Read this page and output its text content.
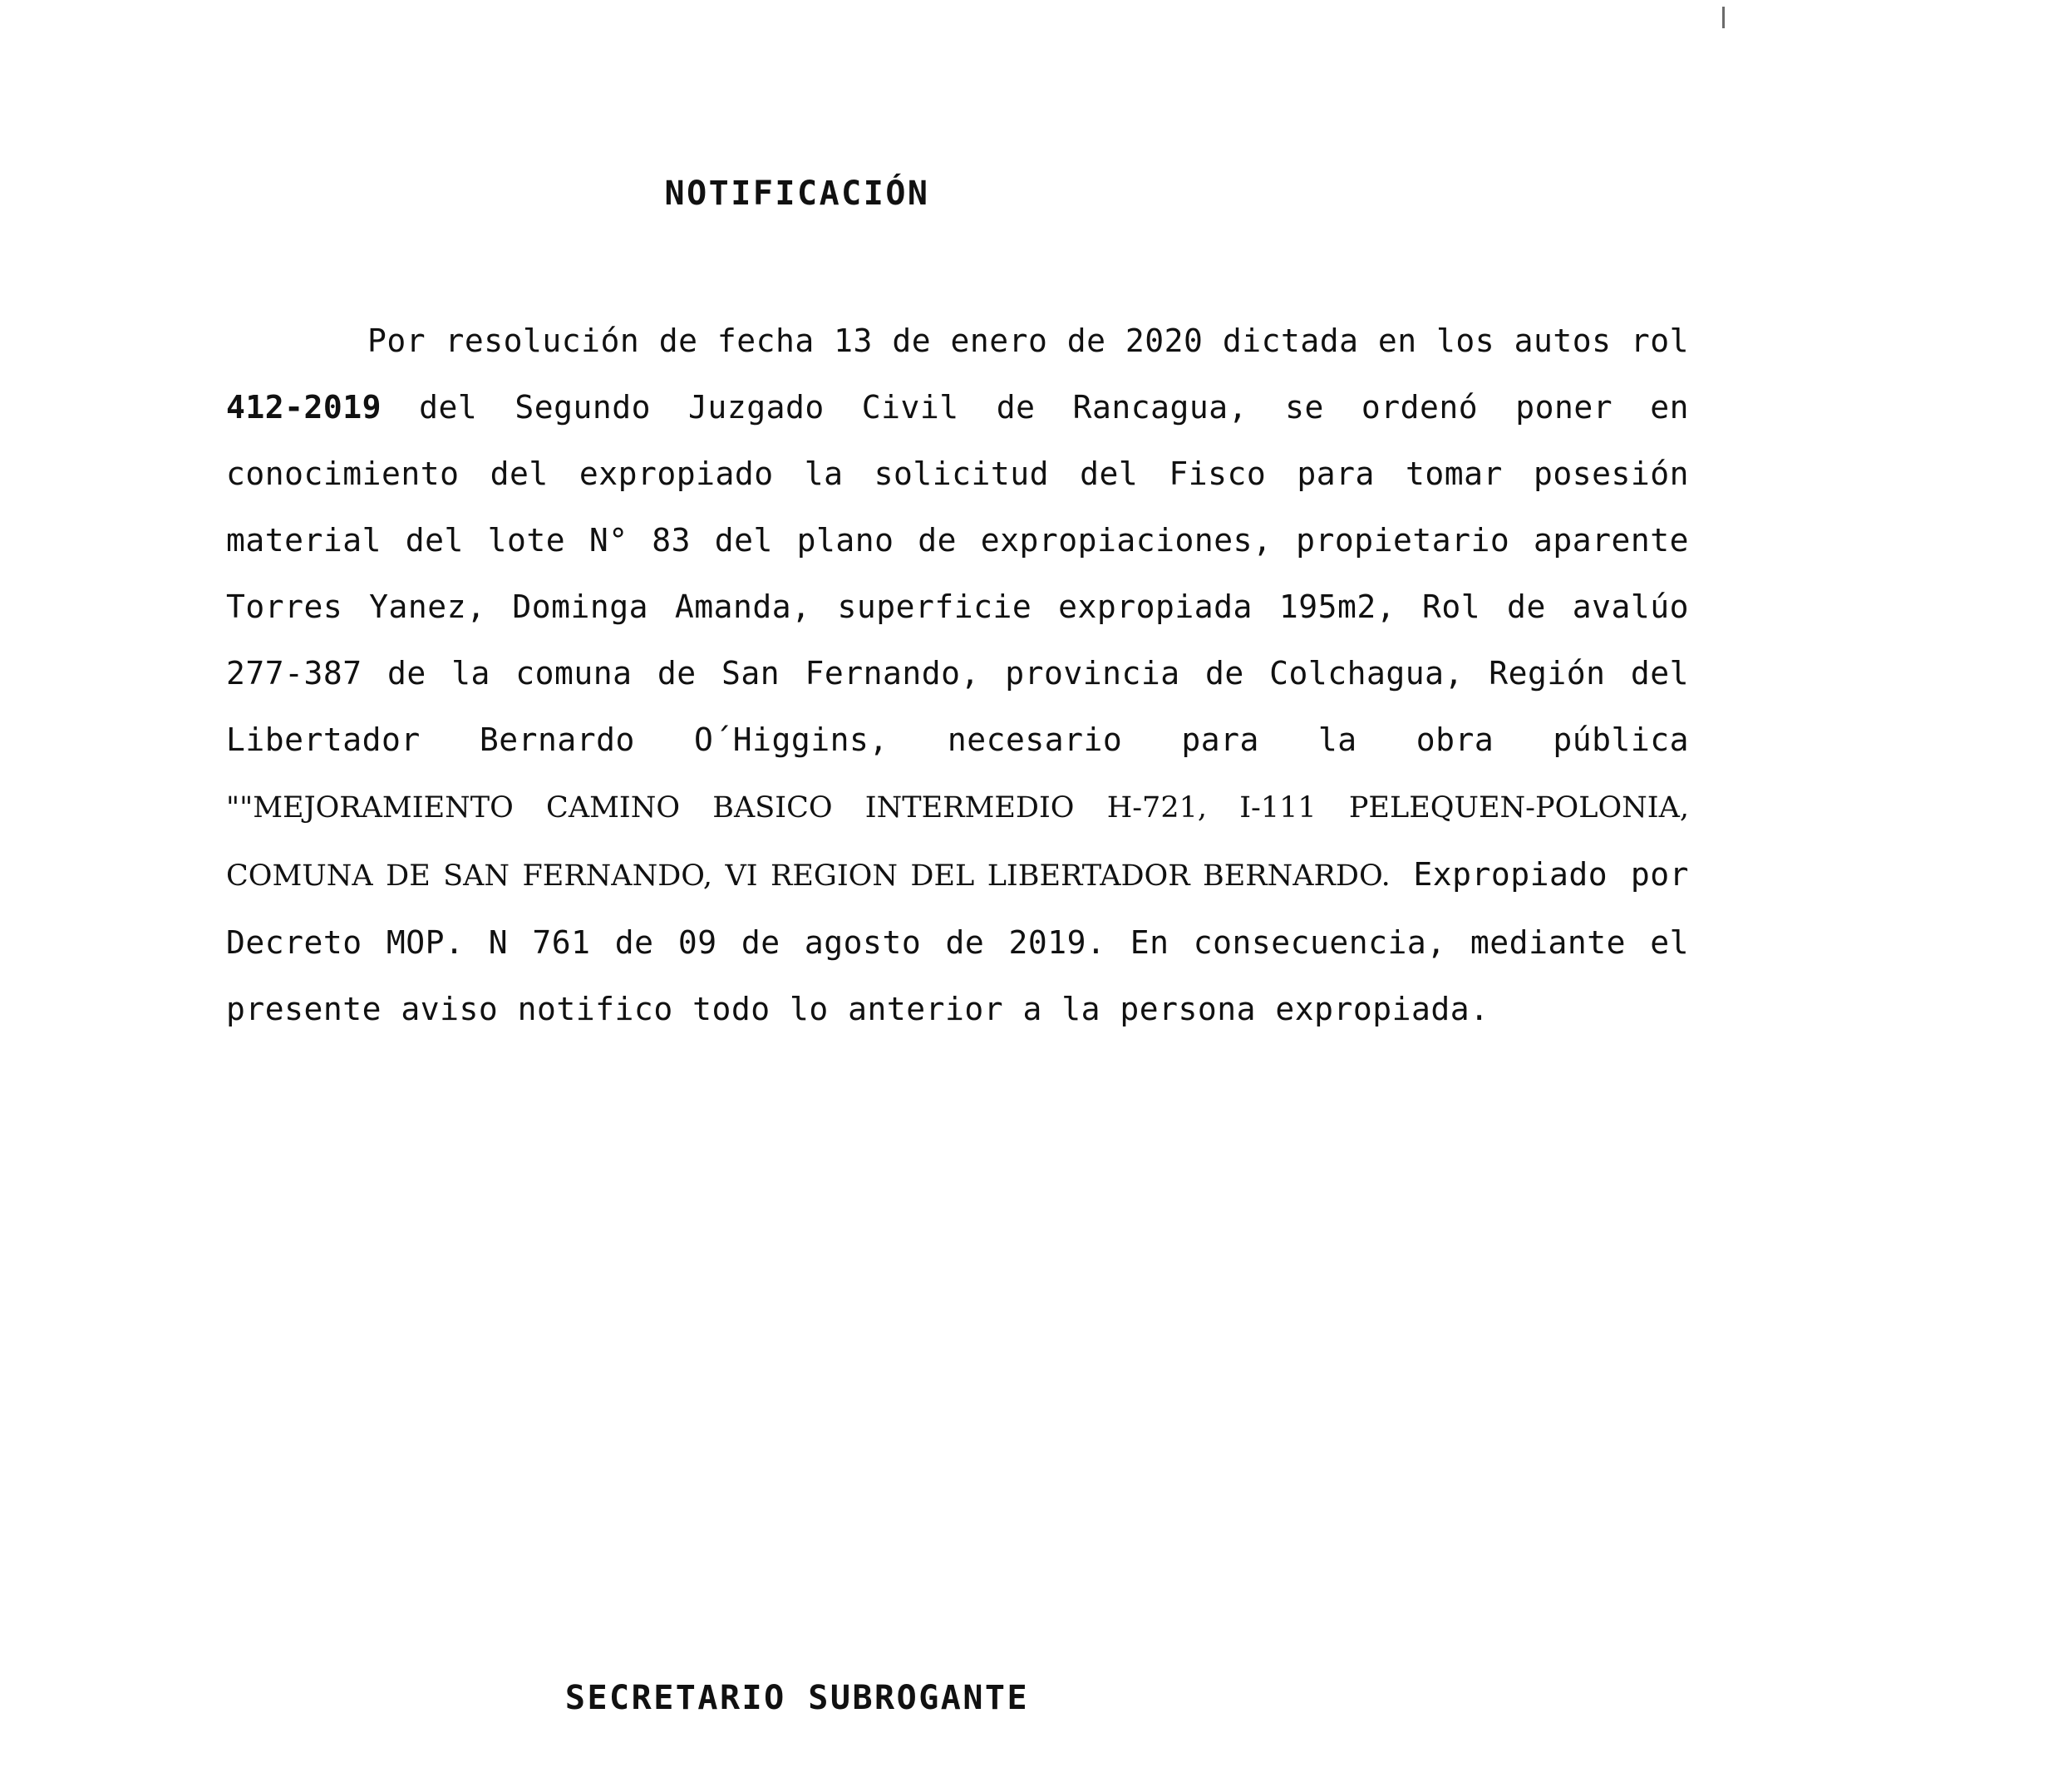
NOTIFICACIÓN

Por resolución de fecha 13 de enero de 2020 dictada en los autos rol 412-2019 del Segundo Juzgado Civil de Rancagua, se ordenó poner en conocimiento del expropiado la solicitud del Fisco para tomar posesión material del lote N° 83 del plano de expropiaciones, propietario aparente Torres Yanez, Dominga Amanda, superficie expropiada 195m2, Rol de avalúo 277-387 de la comuna de San Fernando, provincia de Colchagua, Región del Libertador Bernardo O´Higgins, necesario para la obra pública ""MEJORAMIENTO CAMINO BASICO INTERMEDIO H-721, I-111 PELEQUEN-POLONIA, COMUNA DE SAN FERNANDO, VI REGION DEL LIBERTADOR BERNARDO. Expropiado por Decreto MOP. N 761 de 09 de agosto de 2019. En consecuencia, mediante el presente aviso notifico todo lo anterior a la persona expropiada.

SECRETARIO SUBROGANTE
